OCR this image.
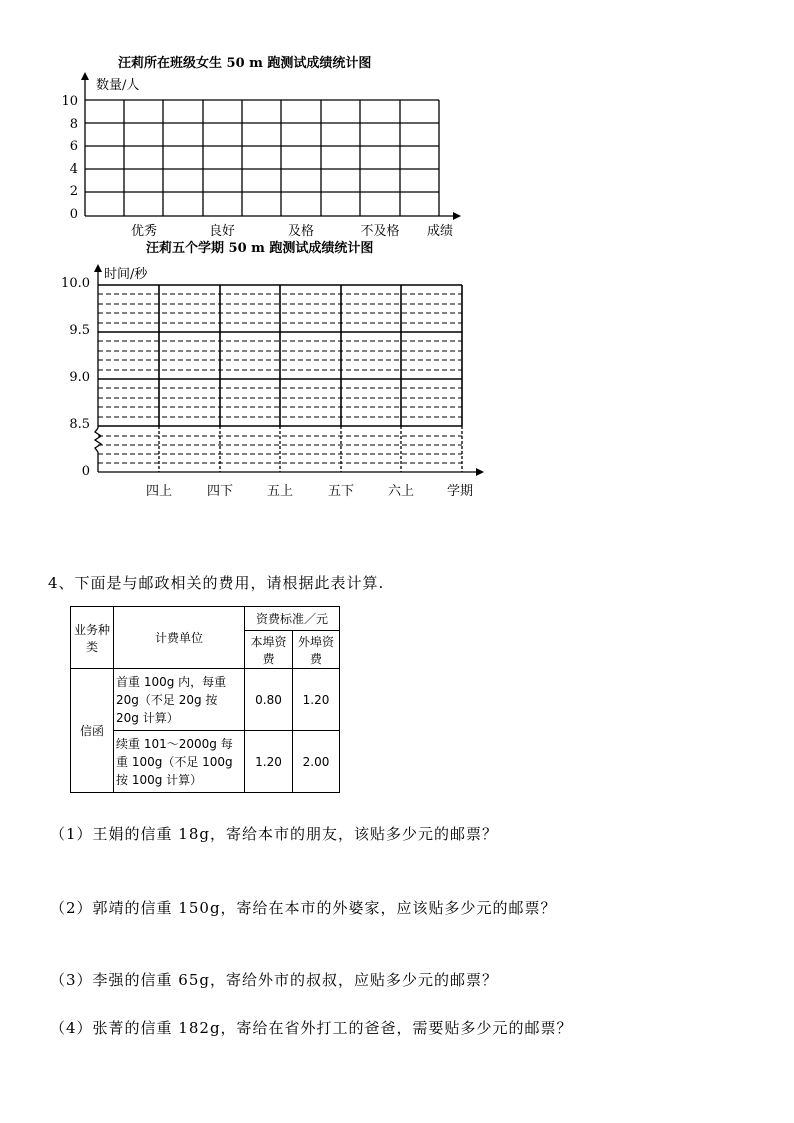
汪莉所在班级女生 50 m 跑测试成绩统计图
数量/人
10
8
6
4
2
0
优秀	良好	及格	不及格 成绩
汪莉五个学期 50 m 跑测试成绩统计图
时间/秒
10.0
9.5
9.0
8.5
0
四上	四下	五上	五下	六上	学期
4、下面是与邮政相关的费用，请根据此表计算.
业务种类	计费单位	资费标准／元	
		本埠资费	外埠资费
信函	首重 100g 内，每重 20g（不足 20g 按 20g 计算）	0.80	1.20
	续重 101～2000g 每重 100g（不足 100g 按 100g 计算）	1.20	2.00
（1）王娟的信重 18g，寄给本市的朋友，该贴多少元的邮票？
（2）郭靖的信重 150g，寄给在本市的外婆家，应该贴多少元的邮票？
（3）李强的信重 65g，寄给外市的叔叔，应贴多少元的邮票？
（4）张菁的信重 182g，寄给在省外打工的爸爸，需要贴多少元的邮票？
